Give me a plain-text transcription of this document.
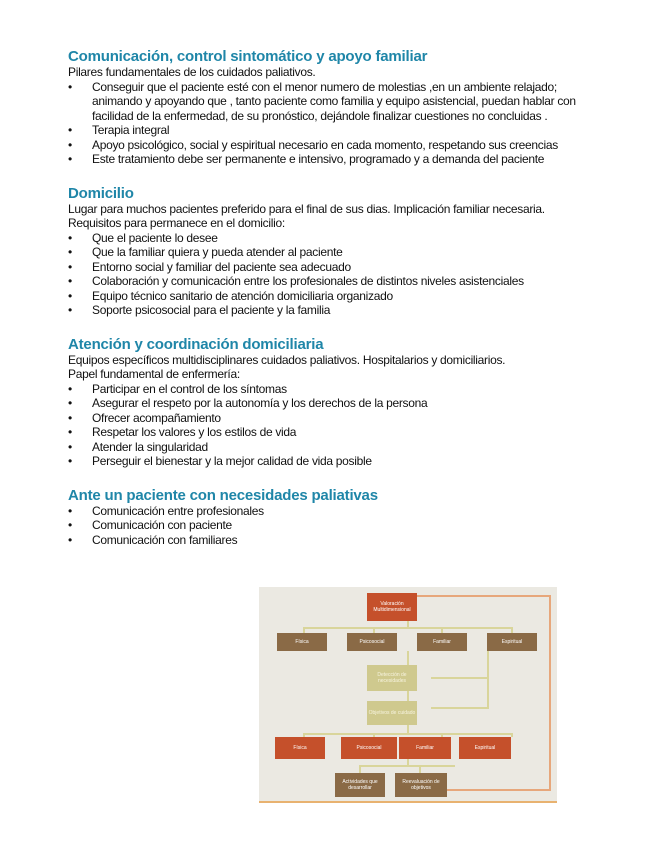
Comunicación, control sintomático y apoyo familiar
Pilares fundamentales de los cuidados paliativos.
• Conseguir que el paciente esté con el menor numero de molestias ,en un ambiente relajado; animando y apoyando que , tanto paciente como familia y equipo asistencial, puedan hablar con facilidad de la enfermedad, de su pronóstico, dejándole finalizar cuestiones no concluidas .
• Terapia integral
• Apoyo psicológico, social y espiritual necesario en cada momento, respetando sus creencias
• Este tratamiento debe ser permanente e intensivo, programado y a demanda del paciente
Domicilio
Lugar para muchos pacientes preferido para el final de sus dias. Implicación familiar necesaria.
Requisitos para permanece en el domicilio:
• Que el paciente lo desee
• Que la familiar quiera y pueda atender al paciente
• Entorno social y familiar del paciente sea adecuado
• Colaboración y comunicación entre los profesionales de distintos niveles asistenciales
• Equipo técnico sanitario de atención domiciliaria organizado
• Soporte psicosocial para el paciente y la familia
Atención y coordinación domiciliaria
Equipos específicos multidisciplinares cuidados paliativos. Hospitalarios y domiciliarios.
Papel fundamental de enfermería:
• Participar en el control de los síntomas
• Asegurar el respeto por la autonomía y los derechos de la persona
• Ofrecer acompañamiento
• Respetar los valores y los estilos de vida
• Atender la singularidad
• Perseguir el bienestar y la mejor calidad de vida posible
Ante un paciente con necesidades paliativas
• Comunicación entre profesionales
• Comunicación con paciente
• Comunicación con familiares
Valoración Multidimensional
Física	Psicosocial	Familiar	Espiritual
Detección de necesidades
Objetivos de cuidado
Física	Psicosocial	Familiar	Espiritual
Actividades que desarrollar
Reevaluación de objetivos
